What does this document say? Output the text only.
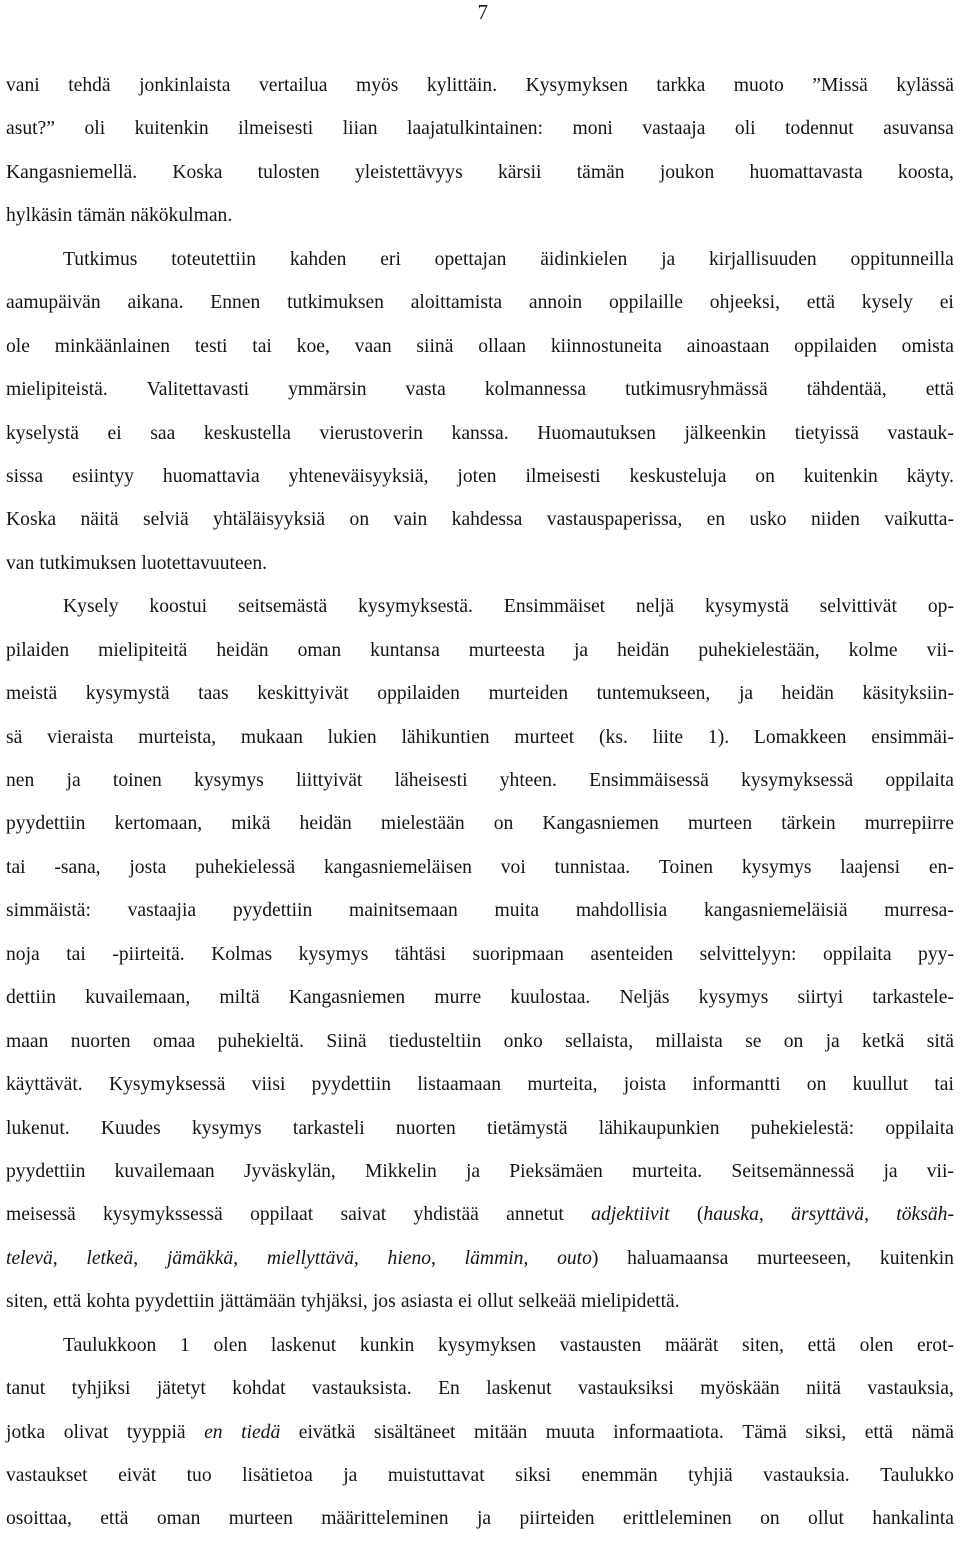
7
vani tehdä jonkinlaista vertailua myös kylittäin. Kysymyksen tarkka muoto ”Missä kylässä
asut?” oli kuitenkin ilmeisesti liian laajatulkintainen: moni vastaaja oli todennut asuvansa
Kangasniemellä. Koska tulosten yleistettävyys kärsii tämän joukon huomattavasta koosta,
hylkäsin tämän näkökulman.
Tutkimus toteutettiin kahden eri opettajan äidinkielen ja kirjallisuuden oppitunneilla
aamupäivän aikana. Ennen tutkimuksen aloittamista annoin oppilaille ohjeeksi, että kysely ei
ole minkäänlainen testi tai koe, vaan siinä ollaan kiinnostuneita ainoastaan oppilaiden omista
mielipiteistä. Valitettavasti ymmärsin vasta kolmannessa tutkimusryhmässä tähdentää, että
kyselystä ei saa keskustella vierustoverin kanssa. Huomautuksen jälkeenkin tietyissä vastauk-
sissa esiintyy huomattavia yhteneväisyyksiä, joten ilmeisesti keskusteluja on kuitenkin käyty.
Koska näitä selviä yhtäläisyyksiä on vain kahdessa vastauspaperissa, en usko niiden vaikutta-
van tutkimuksen luotettavuuteen.
Kysely koostui seitsemästä kysymyksestä. Ensimmäiset neljä kysymystä selvittivät op-
pilaiden mielipiteitä heidän oman kuntansa murteesta ja heidän puhekielestään, kolme vii-
meistä kysymystä taas keskittyivät oppilaiden murteiden tuntemukseen, ja heidän käsityksiin-
sä vieraista murteista, mukaan lukien lähikuntien murteet (ks. liite 1). Lomakkeen ensimmäi-
nen ja toinen kysymys liittyivät läheisesti yhteen. Ensimmäisessä kysymyksessä oppilaita
pyydettiin kertomaan, mikä heidän mielestään on Kangasniemen murteen tärkein murrepiirre
tai -sana, josta puhekielessä kangasniemeläisen voi tunnistaa. Toinen kysymys laajensi en-
simmäistä: vastaajia pyydettiin mainitsemaan muita mahdollisia kangasniemeläisiä murresa-
noja tai -piirteitä. Kolmas kysymys tähtäsi suoripmaan asenteiden selvittelyyn: oppilaita pyy-
dettiin kuvailemaan, miltä Kangasniemen murre kuulostaa. Neljäs kysymys siirtyi tarkastele-
maan nuorten omaa puhekieltä. Siinä tiedusteltiin onko sellaista, millaista se on ja ketkä sitä
käyttävät. Kysymyksessä viisi pyydettiin listaamaan murteita, joista informantti on kuullut tai
lukenut. Kuudes kysymys tarkasteli nuorten tietämystä lähikaupunkien puhekielestä: oppilaita
pyydettiin kuvailemaan Jyväskylän, Mikkelin ja Pieksämäen murteita. Seitsemännessä ja vii-
meisessä kysymykssessä oppilaat saivat yhdistää annetut adjektiivit (hauska, ärsyttävä, töksäh-
televä, letkeä, jämäkkä, miellyttävä, hieno, lämmin, outo) haluamaansa murteeseen, kuitenkin
siten, että kohta pyydettiin jättämään tyhjäksi, jos asiasta ei ollut selkeää mielipidettä.
Taulukkoon 1 olen laskenut kunkin kysymyksen vastausten määrät siten, että olen erot-
tanut tyhjiksi jätetyt kohdat vastauksista. En laskenut vastauksiksi myöskään niitä vastauksia,
jotka olivat tyyppiä en tiedä eivätkä sisältäneet mitään muuta informaatiota. Tämä siksi, että nämä
vastaukset eivät tuo lisätietoa ja muistuttavat siksi enemmän tyhjiä vastauksia. Taulukko
osoittaa, että oman murteen määritteleminen ja piirteiden erittleleminen on ollut hankalinta
